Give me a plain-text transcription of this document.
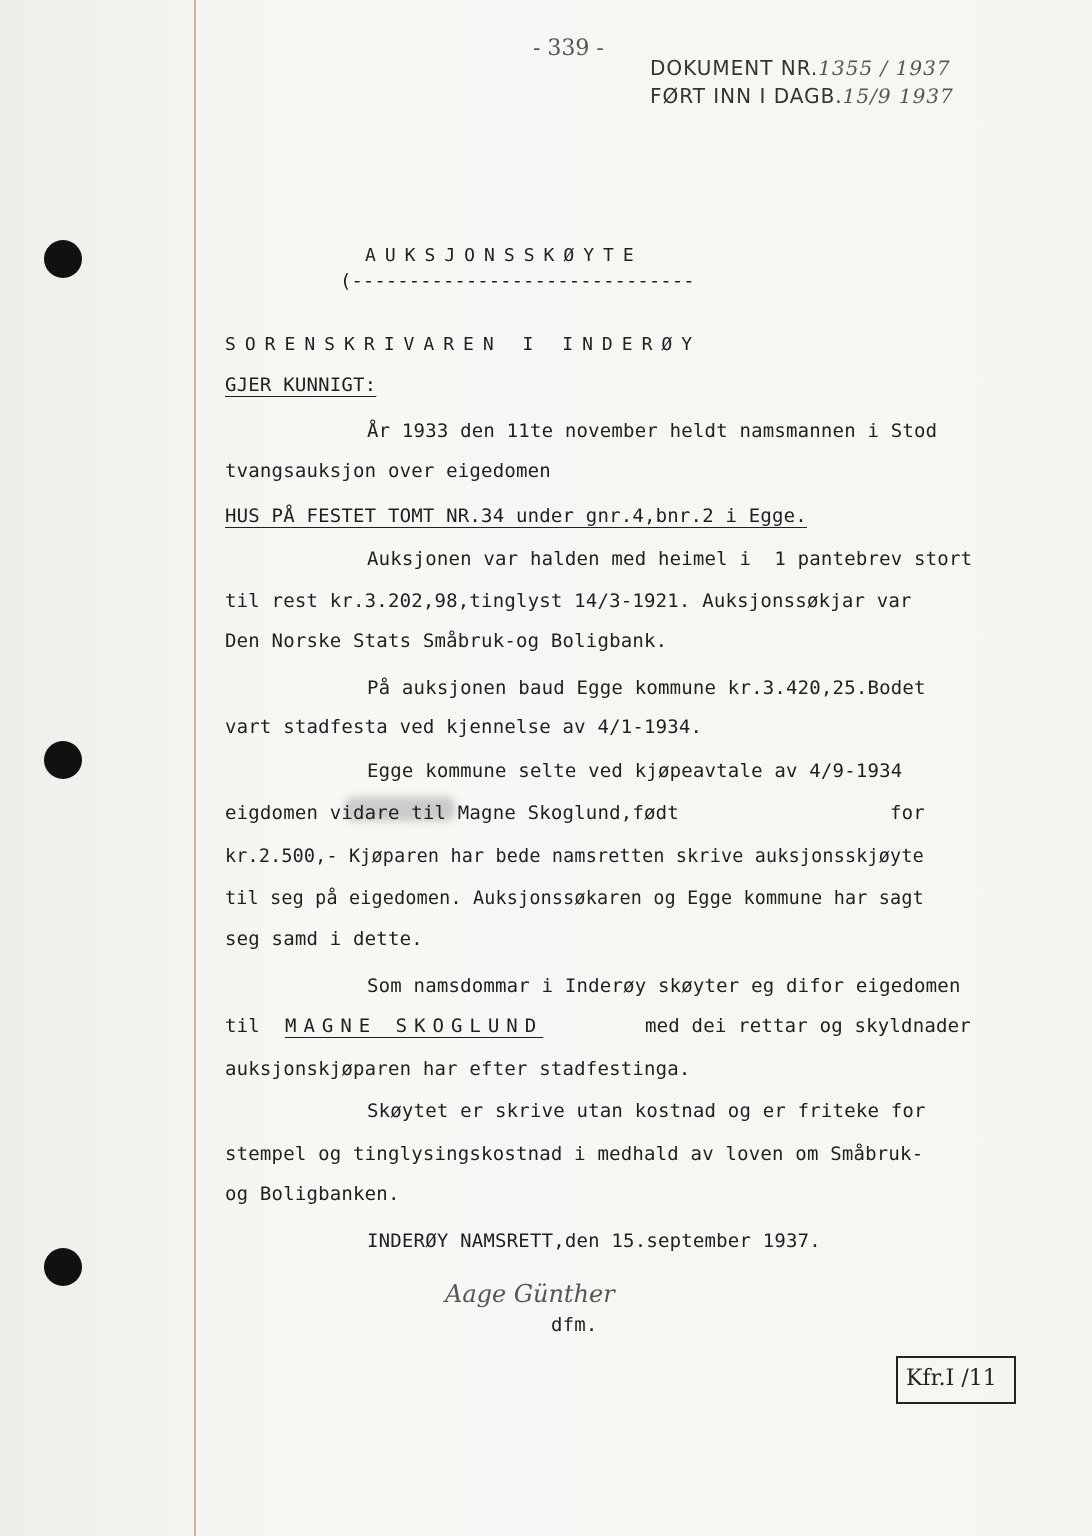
- 339 -
DOKUMENT NR.1355 / 1937
FØRT INN I DAGB.15/9 1937
AUKSJONSSKØYTE
(------------------------------
SORENSKRIVAREN I INDERØY
GJER KUNNIGT:
År 1933 den 11te november heldt namsmannen i Stod
tvangsauksjon over eigedomen
HUS PÅ FESTET TOMT NR.34 under gnr.4,bnr.2 i Egge.
Auksjonen var halden med heimel i  1 pantebrev stort
til rest kr.3.202,98,tinglyst 14/3-1921. Auksjonssøkjar var
Den Norske Stats Småbruk-og Boligbank.
På auksjonen baud Egge kommune kr.3.420,25.Bodet
vart stadfesta ved kjennelse av 4/1-1934.
Egge kommune selte ved kjøpeavtale av 4/9-1934
eigdomen vidare til Magne Skoglund,født	for
kr.2.500,- Kjøparen har bede namsretten skrive auksjonsskjøyte
til seg på eigedomen. Auksjonssøkaren og Egge kommune har sagt
seg samd i dette.
Som namsdommar i Inderøy skøyter eg difor eigedomen
til MAGNE SKOGLUND	med dei rettar og skyldnader
auksjonskjøparen har efter stadfestinga.
Skøytet er skrive utan kostnad og er friteke for
stempel og tinglysingskostnad i medhald av loven om Småbruk-
og Boligbanken.
INDERØY NAMSRETT,den 15.september 1937.
Aage Günther
dfm.
Kfr.I /11
